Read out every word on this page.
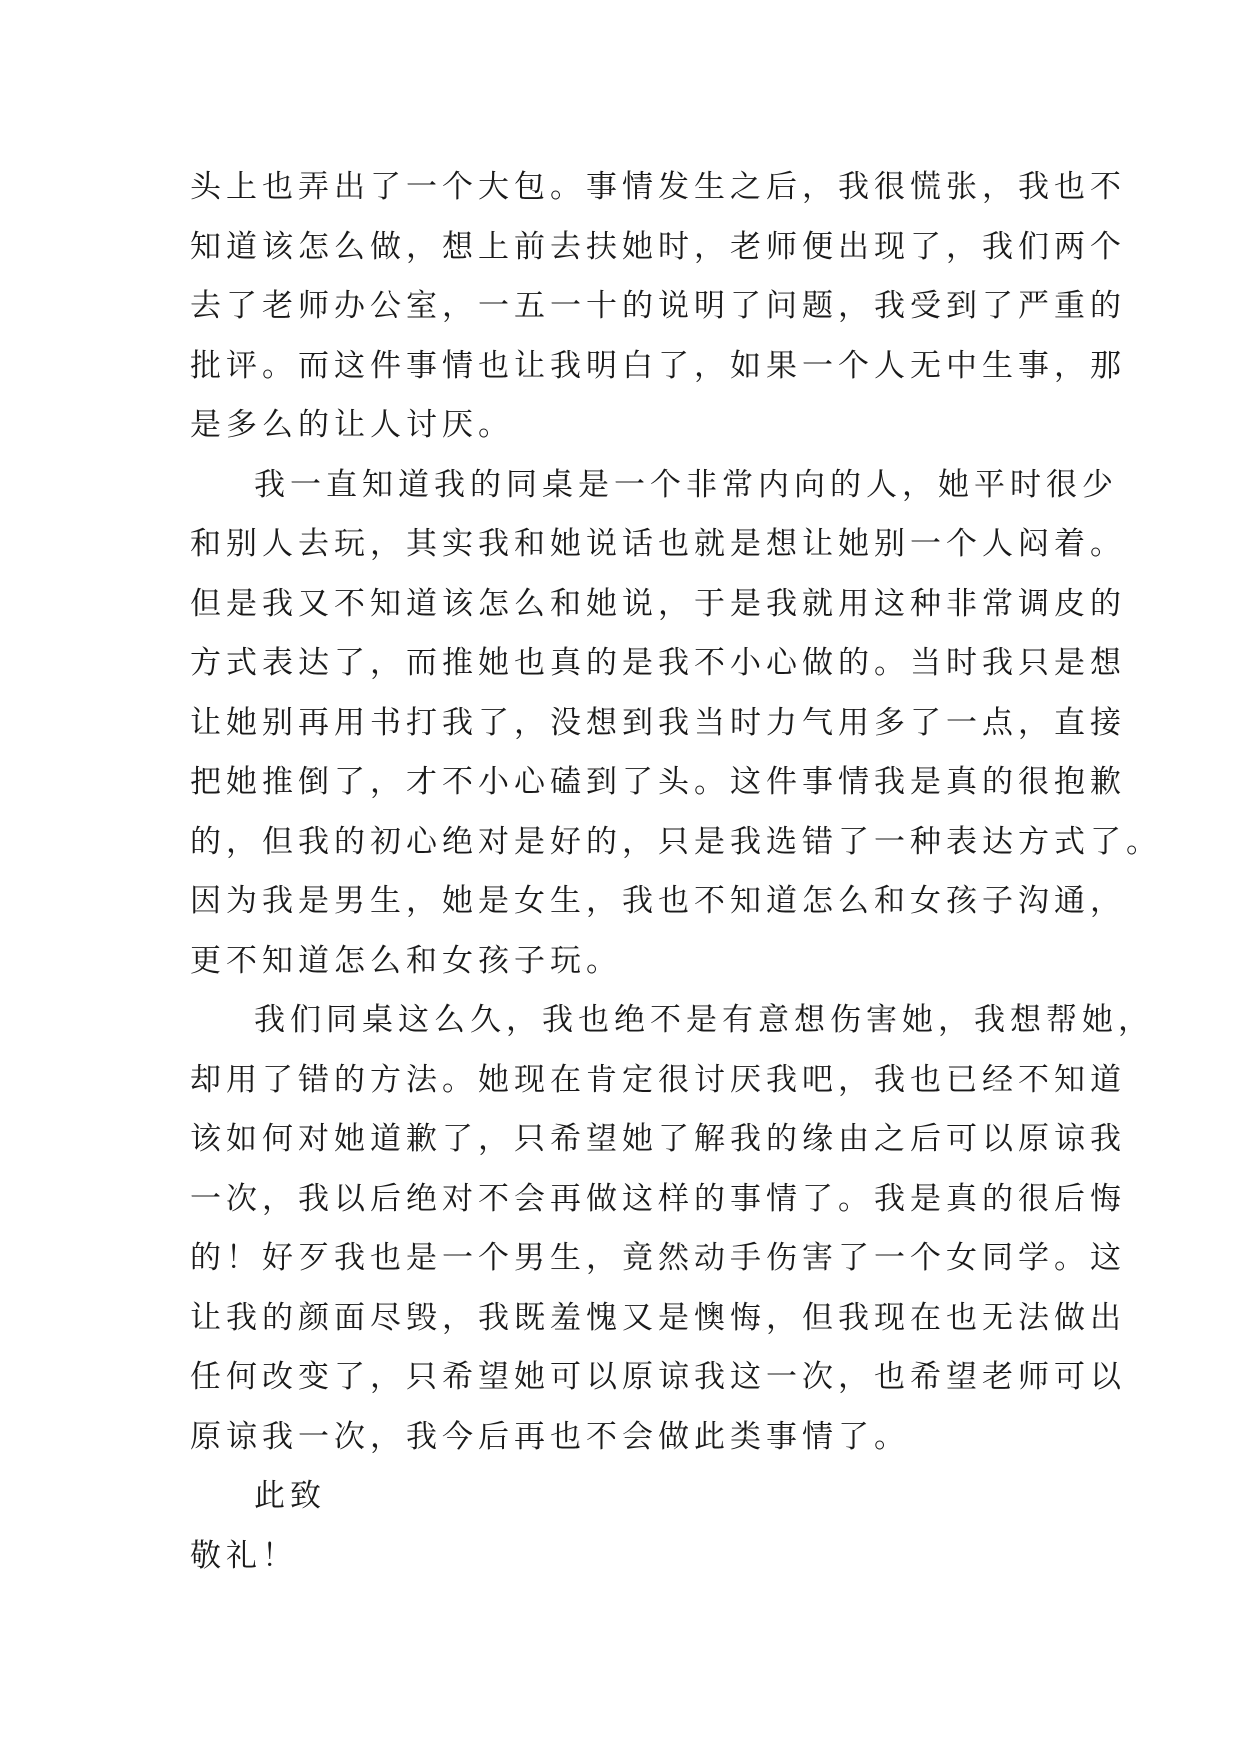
头上也弄出了一个大包。事情发生之后，我很慌张，我也不
知道该怎么做，想上前去扶她时，老师便出现了，我们两个
去了老师办公室，一五一十的说明了问题，我受到了严重的
批评。而这件事情也让我明白了，如果一个人无中生事，那
是多么的让人讨厌。
我一直知道我的同桌是一个非常内向的人，她平时很少
和别人去玩，其实我和她说话也就是想让她别一个人闷着。
但是我又不知道该怎么和她说，于是我就用这种非常调皮的
方式表达了，而推她也真的是我不小心做的。当时我只是想
让她别再用书打我了，没想到我当时力气用多了一点，直接
把她推倒了，才不小心磕到了头。这件事情我是真的很抱歉
的，但我的初心绝对是好的，只是我选错了一种表达方式了。
因为我是男生，她是女生，我也不知道怎么和女孩子沟通，
更不知道怎么和女孩子玩。
我们同桌这么久，我也绝不是有意想伤害她，我想帮她，
却用了错的方法。她现在肯定很讨厌我吧，我也已经不知道
该如何对她道歉了，只希望她了解我的缘由之后可以原谅我
一次，我以后绝对不会再做这样的事情了。我是真的很后悔
的！好歹我也是一个男生，竟然动手伤害了一个女同学。这
让我的颜面尽毁，我既羞愧又是懊悔，但我现在也无法做出
任何改变了，只希望她可以原谅我这一次，也希望老师可以
原谅我一次，我今后再也不会做此类事情了。
此致
敬礼！
